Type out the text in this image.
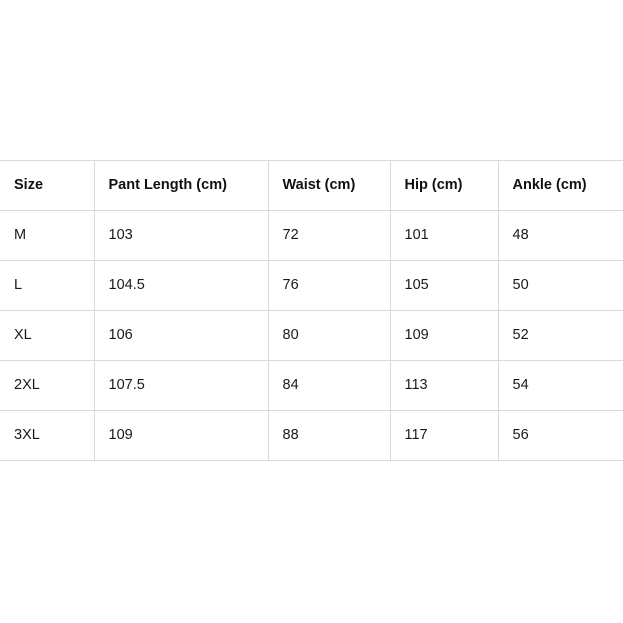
Size	Pant Length (cm)	Waist (cm)	Hip (cm)	Ankle (cm)
M	103	72	101	48
L	104.5	76	105	50
XL	106	80	109	52
2XL	107.5	84	113	54
3XL	109	88	117	56
